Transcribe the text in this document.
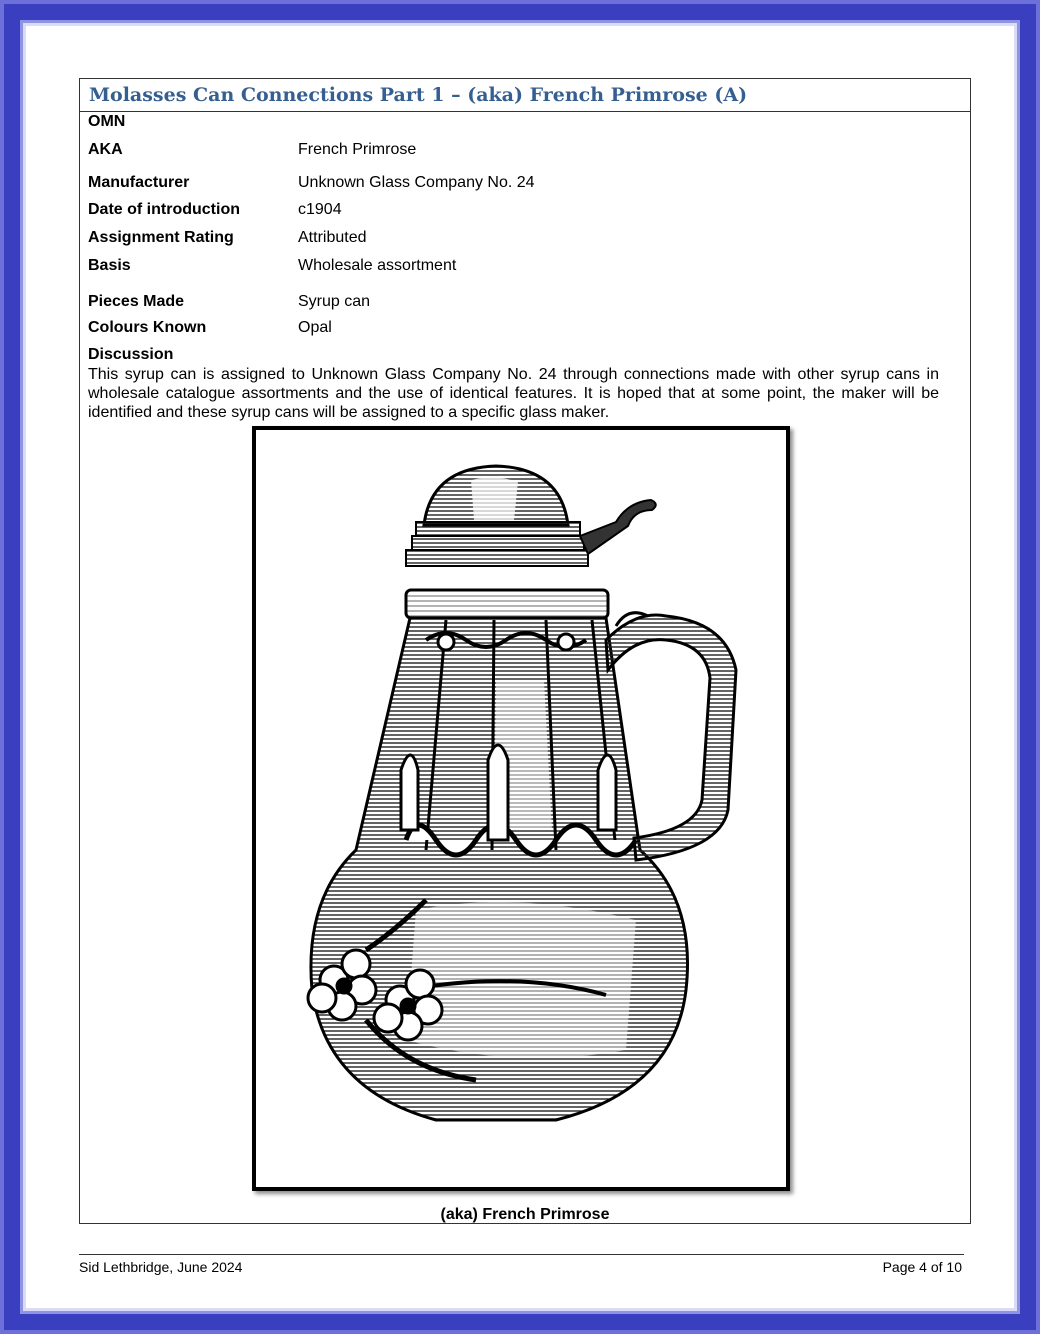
Molasses Can Connections Part 1 – (aka) French Primrose (A)
OMN
AKA	French Primrose
Manufacturer	Unknown Glass Company No. 24
Date of introduction	c1904
Assignment Rating	Attributed
Basis	Wholesale assortment
Pieces Made	Syrup can
Colours Known	Opal
Discussion
This syrup can is assigned to Unknown Glass Company No. 24 through connections made with other syrup cans in wholesale catalogue assortments and the use of identical features. It is hoped that at some point, the maker will be identified and these syrup cans will be assigned to a specific glass maker.
(aka) French Primrose
Sid Lethbridge, June 2024	Page 4 of 10
